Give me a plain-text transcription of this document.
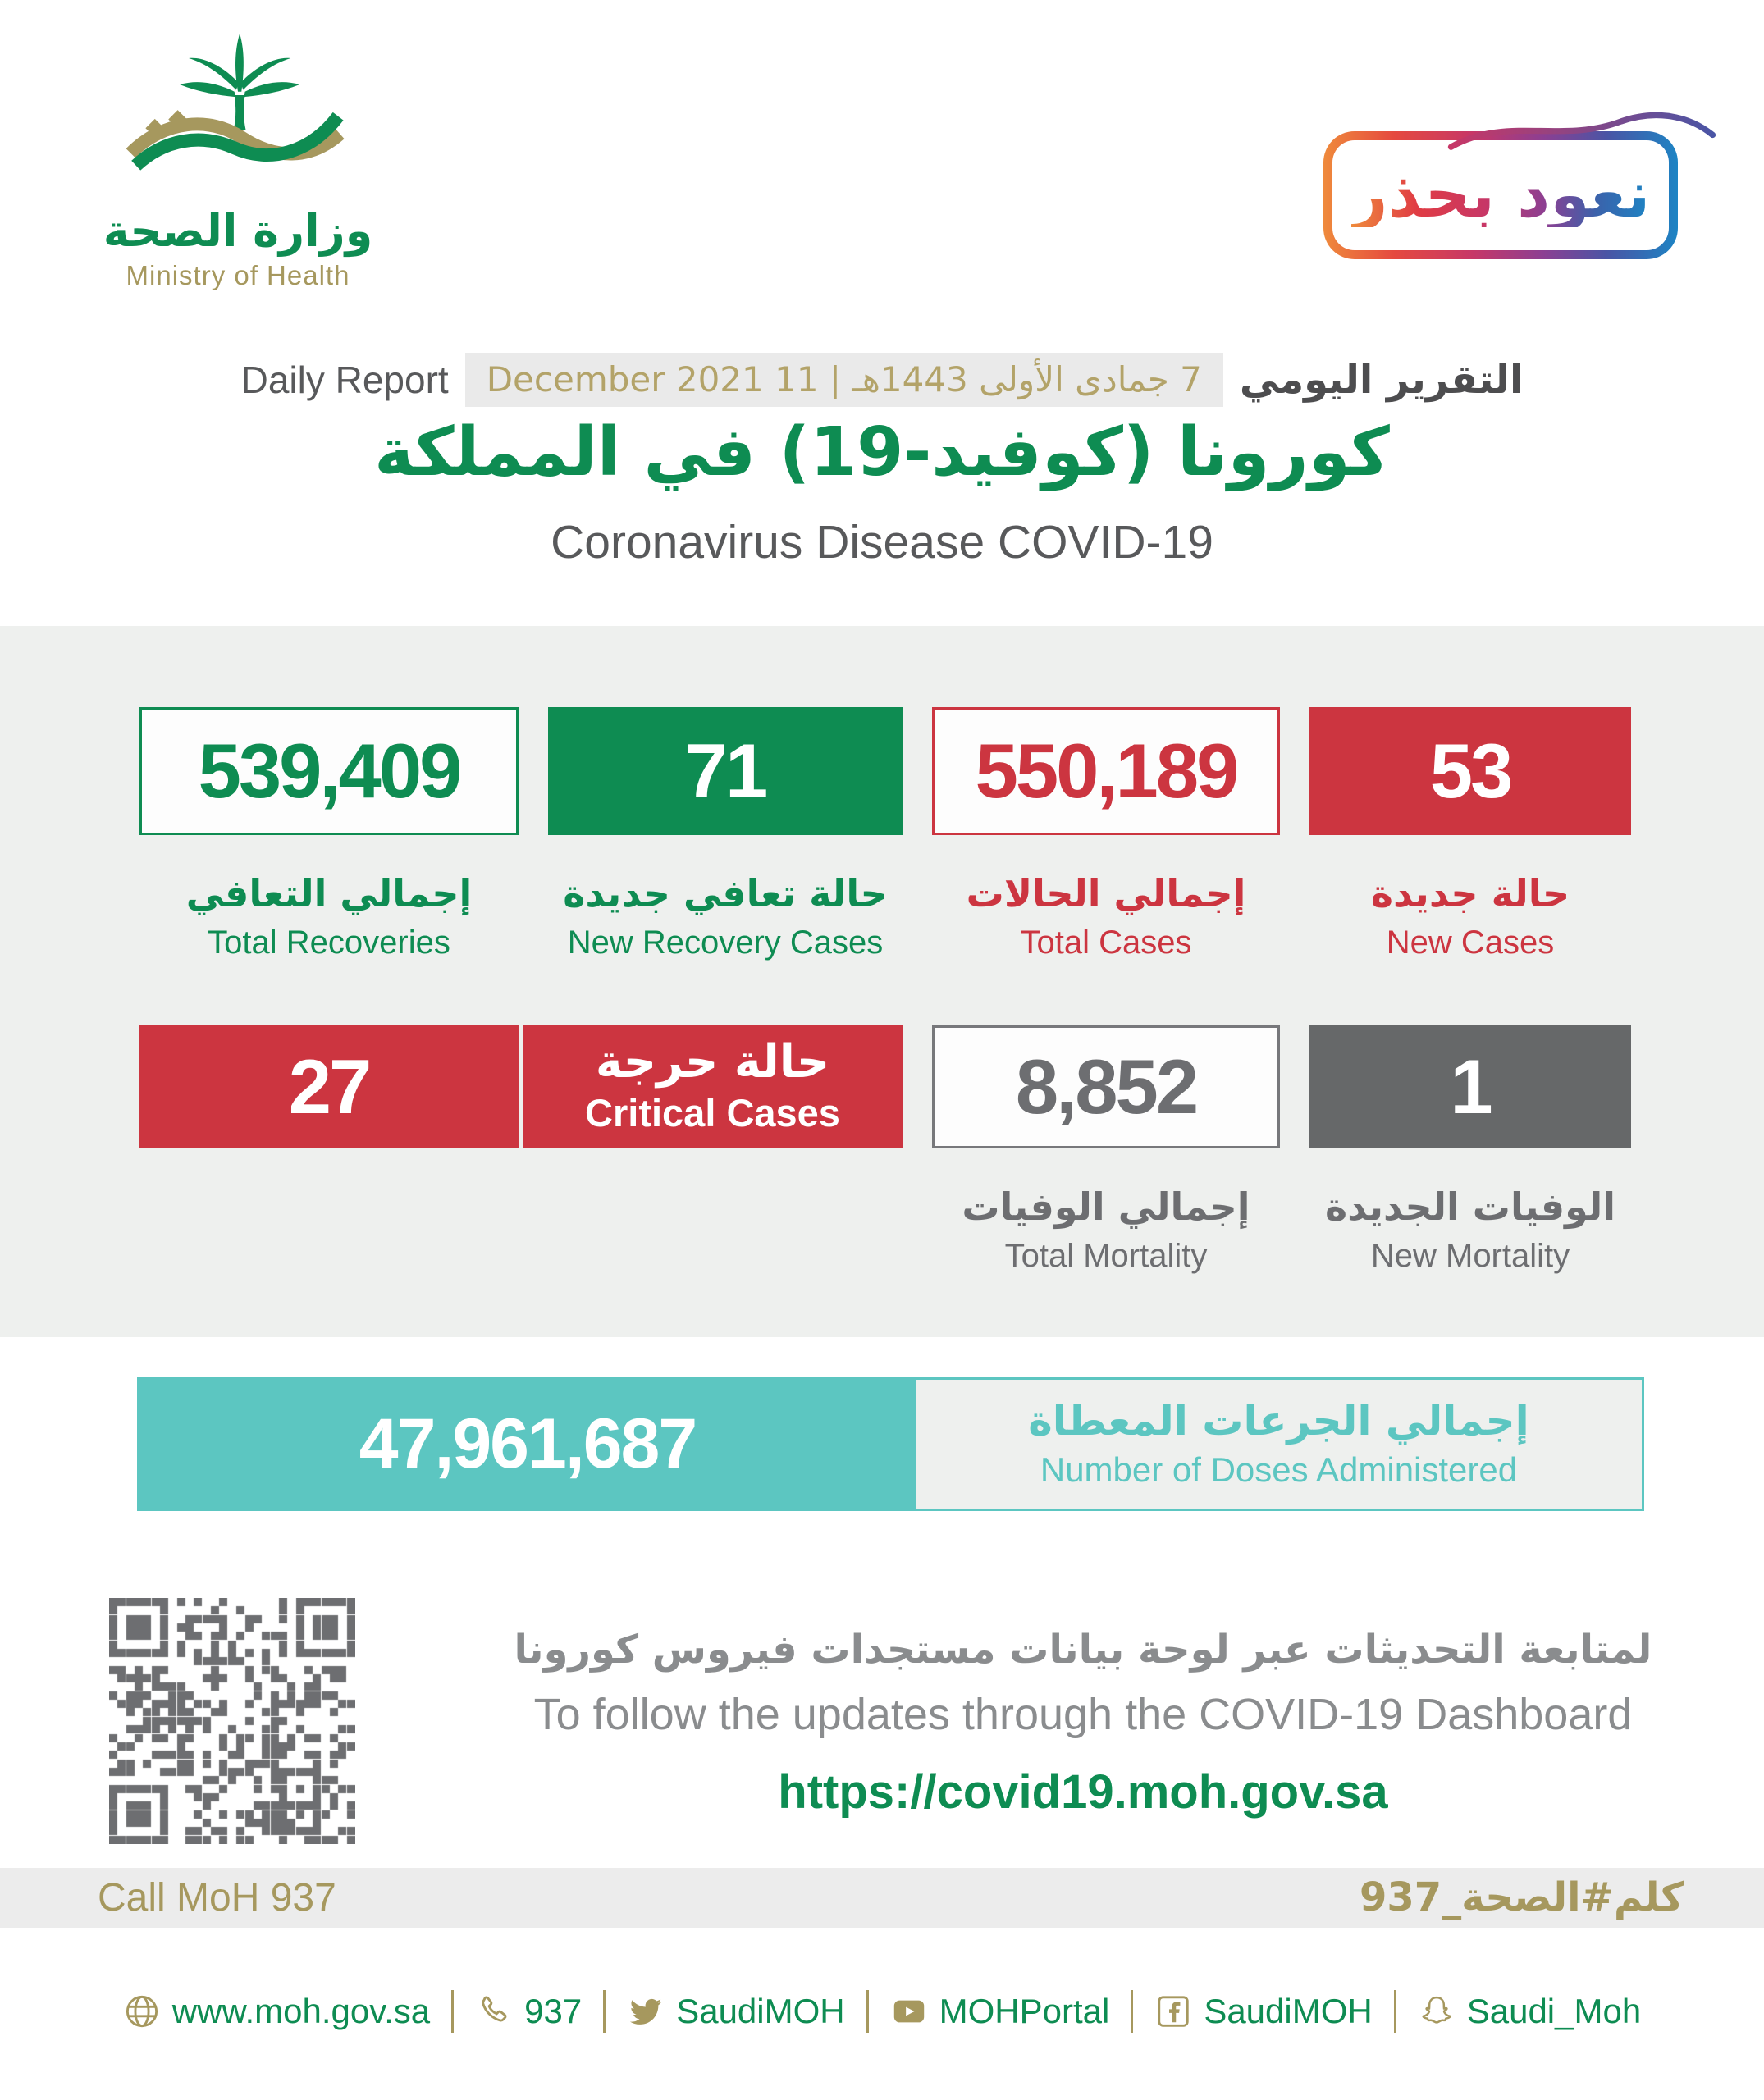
وزارة الصحة
Ministry of Health
نعود بحذر
Daily Report	7 جمادى الأولى 1443هـ | 11 December 2021 التقرير اليومي
كورونا (كوفيد-19) في المملكة
Coronavirus Disease COVID-19
539,409
إجمالي التعافي
Total Recoveries
71
حالة تعافي جديدة
New Recovery Cases
550,189
إجمالي الحالات
Total Cases
53
حالة جديدة
New Cases
27	حالة حرجة
Critical Cases	8,852
إجمالي الوفيات
Total Mortality
1
الوفيات الجديدة
New Mortality
47,961,687	إجمالي الجرعات المعطاة
Number of Doses Administered
لمتابعة التحديثات عبر لوحة بيانات مستجدات فيروس كورونا
To follow the updates through the COVID-19 Dashboard
https://covid19.moh.gov.sa
Call MoH 937	كلم#الصحة_937
www.moh.gov.sa	937	SaudiMOH	MOHPortal	SaudiMOH	Saudi_Moh
